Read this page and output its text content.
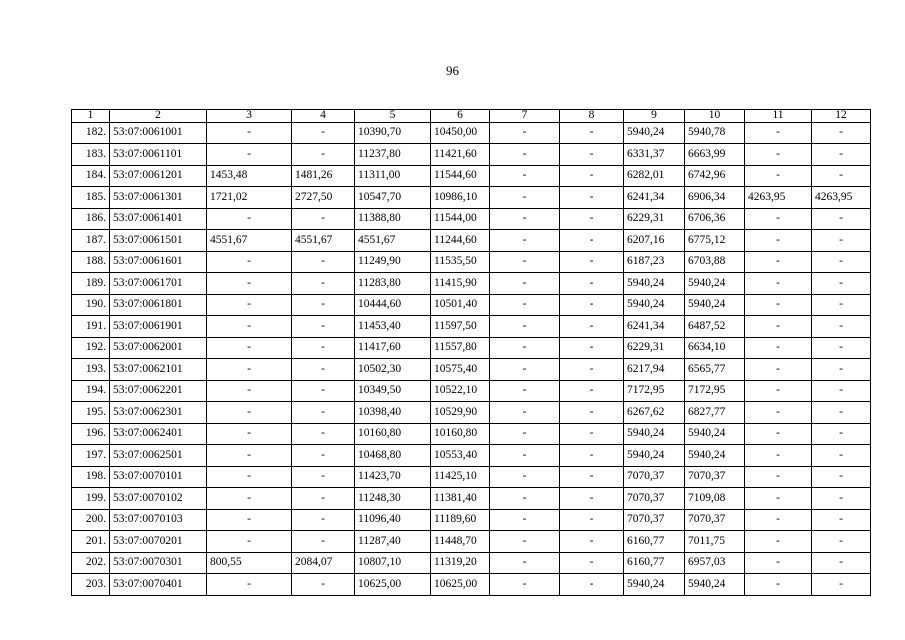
96
1	2	3	4	5	6	7	8	9	10	11	12
182.	53:07:0061001	-	-	10390,70	10450,00	-	-	5940,24	5940,78	-	-
183.	53:07:0061101	-	-	11237,80	11421,60	-	-	6331,37	6663,99	-	-
184.	53:07:0061201	1453,48	1481,26	11311,00	11544,60	-	-	6282,01	6742,96	-	-
185.	53:07:0061301	1721,02	2727,50	10547,70	10986,10	-	-	6241,34	6906,34	4263,95	4263,95
186.	53:07:0061401	-	-	11388,80	11544,00	-	-	6229,31	6706,36	-	-
187.	53:07:0061501	4551,67	4551,67	4551,67	11244,60	-	-	6207,16	6775,12	-	-
188.	53:07:0061601	-	-	11249,90	11535,50	-	-	6187,23	6703,88	-	-
189.	53:07:0061701	-	-	11283,80	11415,90	-	-	5940,24	5940,24	-	-
190.	53:07:0061801	-	-	10444,60	10501,40	-	-	5940,24	5940,24	-	-
191.	53:07:0061901	-	-	11453,40	11597,50	-	-	6241,34	6487,52	-	-
192.	53:07:0062001	-	-	11417,60	11557,80	-	-	6229,31	6634,10	-	-
193.	53:07:0062101	-	-	10502,30	10575,40	-	-	6217,94	6565,77	-	-
194.	53:07:0062201	-	-	10349,50	10522,10	-	-	7172,95	7172,95	-	-
195.	53:07:0062301	-	-	10398,40	10529,90	-	-	6267,62	6827,77	-	-
196.	53:07:0062401	-	-	10160,80	10160,80	-	-	5940,24	5940,24	-	-
197.	53:07:0062501	-	-	10468,80	10553,40	-	-	5940,24	5940,24	-	-
198.	53:07:0070101	-	-	11423,70	11425,10	-	-	7070,37	7070,37	-	-
199.	53:07:0070102	-	-	11248,30	11381,40	-	-	7070,37	7109,08	-	-
200.	53:07:0070103	-	-	11096,40	11189,60	-	-	7070,37	7070,37	-	-
201.	53:07:0070201	-	-	11287,40	11448,70	-	-	6160,77	7011,75	-	-
202.	53:07:0070301	800,55	2084,07	10807,10	11319,20	-	-	6160,77	6957,03	-	-
203.	53:07:0070401	-	-	10625,00	10625,00	-	-	5940,24	5940,24	-	-
